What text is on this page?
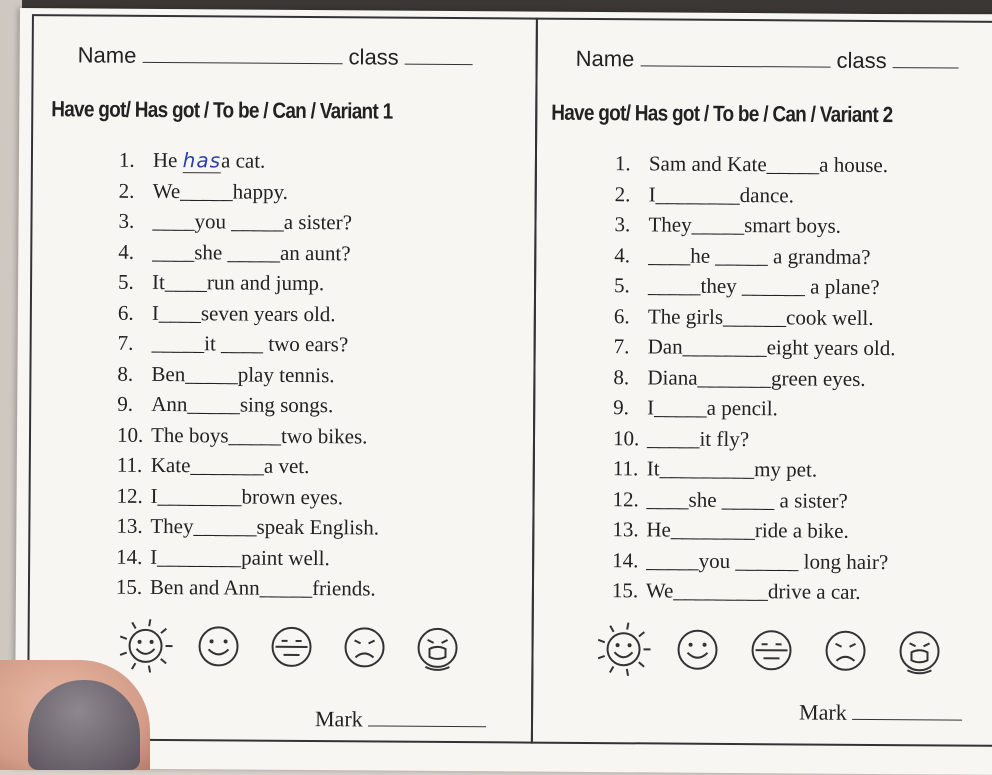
Name	class
Have got/ Has got / To be / Can / Variant 1
1. He hasa cat.
2. We_____happy.
3. ____you _____a sister?
4. ____she _____an aunt?
5. It____run and jump.
6. I____seven years old.
7. _____it ____ two ears?
8. Ben_____play tennis.
9. Ann_____sing songs.
10. The boys_____two bikes.
11. Kate_______a vet.
12. I________brown eyes.
13. They______speak English.
14. I________paint well.
15. Ben and Ann_____friends.
Mark
Name	class
Have got/ Has got / To be / Can / Variant 2
1. Sam and Kate_____a house.
2. I________dance.
3. They_____smart boys.
4. ____he _____ a grandma?
5. _____they ______ a plane?
6. The girls______cook well.
7. Dan________eight years old.
8. Diana_______green eyes.
9. I_____a pencil.
10. _____it fly?
11. It_________my pet.
12. ____she _____ a sister?
13. He________ride a bike.
14. _____you ______ long hair?
15. We_________drive a car.
Mark
